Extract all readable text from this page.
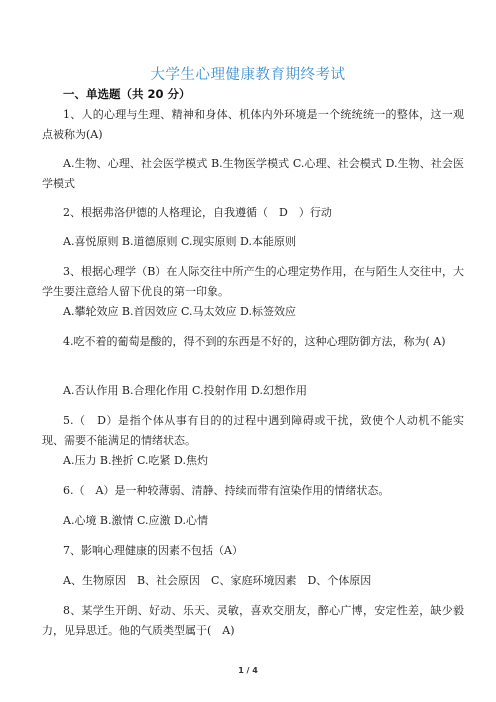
大学生心理健康教育期终考试
一、单选题（共 20 分）
1、人的心理与生理、精神和身体、机体内外环境是一个统统统一的整体，这一观点被称为(A)
A.生物、心理、社会医学模式 B.生物医学模式 C.心理、社会模式 D.生物、社会医学模式
2、根据弗洛伊德的人格理论，自我遵循（　D　）行动
A.喜悦原则 B.道德原则 C.现实原则 D.本能原则
3、根据心理学（B）在人际交往中所产生的心理定势作用，在与陌生人交往中，大学生要注意给人留下优良的第一印象。
A.攀轮效应 B.首因效应 C.马太效应 D.标签效应
4.吃不着的葡萄是酸的，得不到的东西是不好的，这种心理防御方法，称为( A)
A.否认作用 B.合理化作用 C.投射作用 D.幻想作用
5.（　D）是指个体从事有目的的过程中遇到障碍或干扰，致使个人动机不能实现、需要不能满足的情绪状态。
A.压力 B.挫折 C.吃紧 D.焦灼
6.（　A）是一种较薄弱、清静、持续而带有渲染作用的情绪状态。
A.心境 B.激情 C.应激 D.心情
7、影响心理健康的因素不包括（A）
A、生物原因　B、社会原因　C、家庭环境因素　D、个体原因
8、某学生开朗、好动、乐天、灵敏，喜欢交朋友，醉心广博，安定性差，缺少毅力，见异思迁。他的气质类型属于(　A)
1 / 4
